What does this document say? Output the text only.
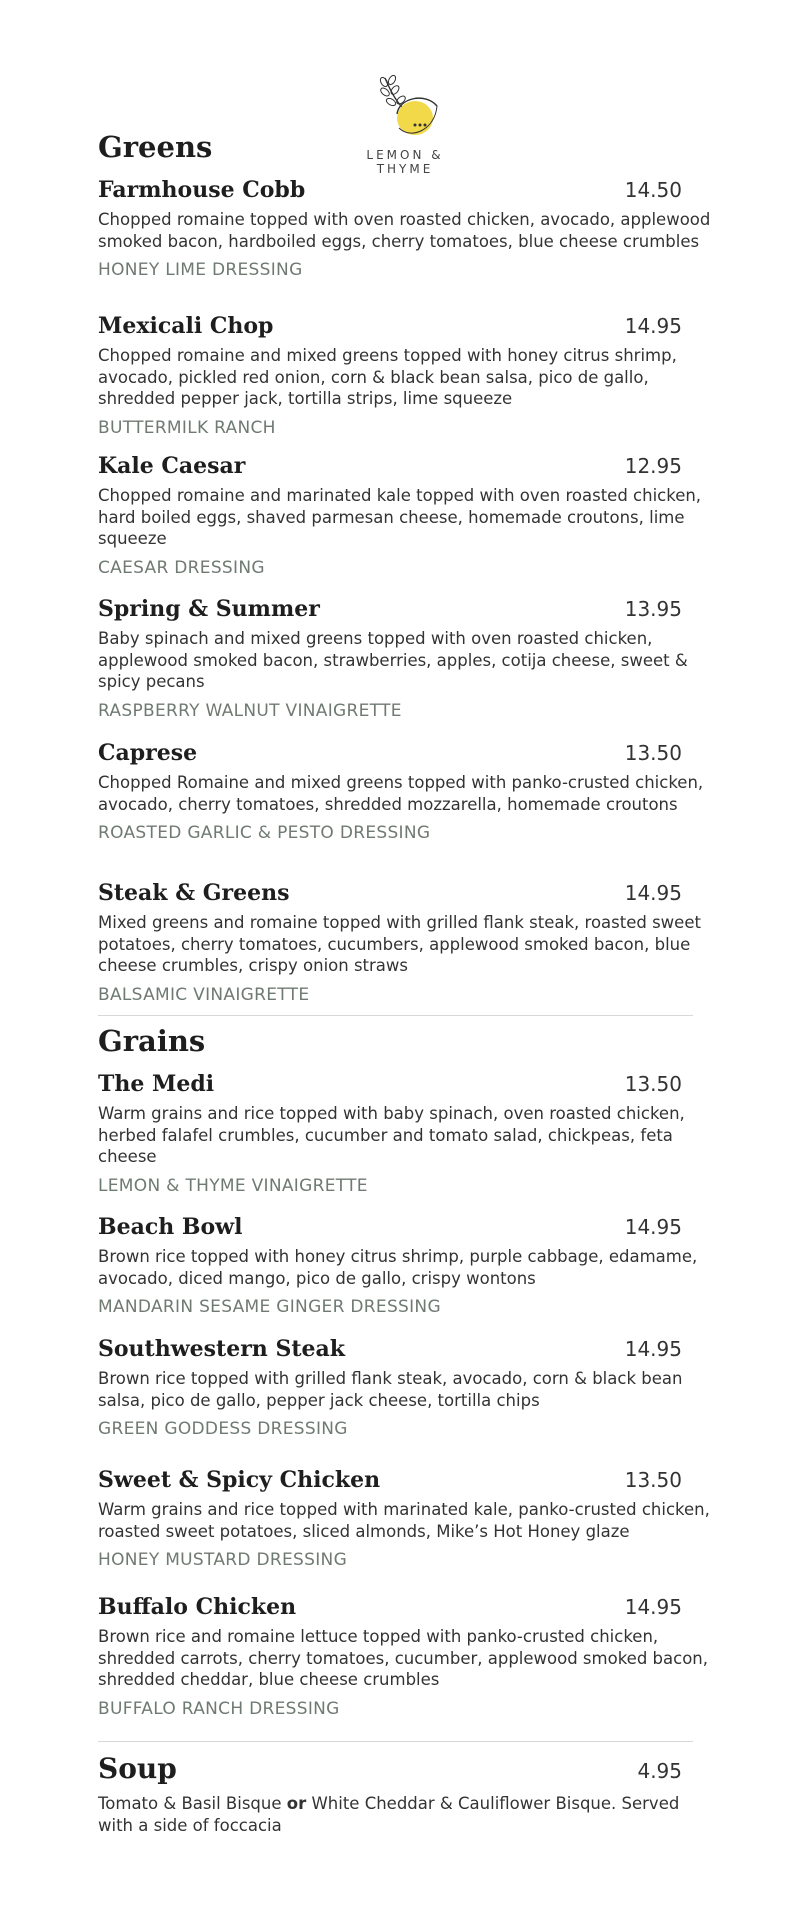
LEMON & THYME
Greens
Farmhouse Cobb	14.50
Chopped romaine topped with oven roasted chicken, avocado, applewood smoked bacon, hardboiled eggs, cherry tomatoes, blue cheese crumbles
HONEY LIME DRESSING
Mexicali Chop	14.95
Chopped romaine and mixed greens topped with honey citrus shrimp, avocado, pickled red onion, corn & black bean salsa, pico de gallo, shredded pepper jack, tortilla strips, lime squeeze
BUTTERMILK RANCH
Kale Caesar	12.95
Chopped romaine and marinated kale topped with oven roasted chicken, hard boiled eggs, shaved parmesan cheese, homemade croutons, lime squeeze
CAESAR DRESSING
Spring & Summer	13.95
Baby spinach and mixed greens topped with oven roasted chicken, applewood smoked bacon, strawberries, apples, cotija cheese, sweet & spicy pecans
RASPBERRY WALNUT VINAIGRETTE
Caprese	13.50
Chopped Romaine and mixed greens topped with panko-crusted chicken, avocado, cherry tomatoes, shredded mozzarella, homemade croutons
ROASTED GARLIC & PESTO DRESSING
Steak & Greens	14.95
Mixed greens and romaine topped with grilled flank steak, roasted sweet potatoes, cherry tomatoes, cucumbers, applewood smoked bacon, blue cheese crumbles, crispy onion straws
BALSAMIC VINAIGRETTE
Grains
The Medi	13.50
Warm grains and rice topped with baby spinach, oven roasted chicken, herbed falafel crumbles, cucumber and tomato salad, chickpeas, feta cheese
LEMON & THYME VINAIGRETTE
Beach Bowl	14.95
Brown rice topped with honey citrus shrimp, purple cabbage, edamame, avocado, diced mango, pico de gallo, crispy wontons
MANDARIN SESAME GINGER DRESSING
Southwestern Steak	14.95
Brown rice topped with grilled flank steak, avocado, corn & black bean salsa, pico de gallo, pepper jack cheese, tortilla chips
GREEN GODDESS DRESSING
Sweet & Spicy Chicken	13.50
Warm grains and rice topped with marinated kale, panko-crusted chicken, roasted sweet potatoes, sliced almonds, Mike’s Hot Honey glaze
HONEY MUSTARD DRESSING
Buffalo Chicken	14.95
Brown rice and romaine lettuce topped with panko-crusted chicken, shredded carrots, cherry tomatoes, cucumber, applewood smoked bacon, shredded cheddar, blue cheese crumbles
BUFFALO RANCH DRESSING
Soup	4.95
Tomato & Basil Bisque or White Cheddar & Cauliflower Bisque. Served with a side of foccacia
